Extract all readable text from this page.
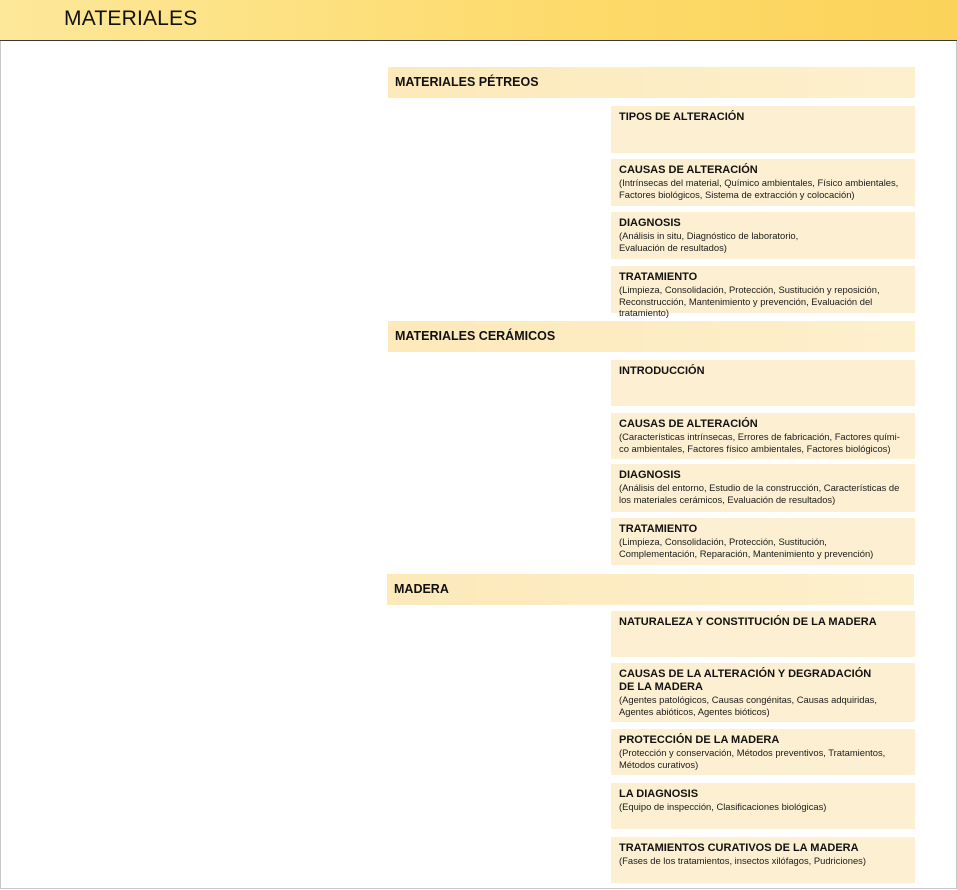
MATERIALES
MATERIALES PÉTREOS
TIPOS DE ALTERACIÓN
CAUSAS DE ALTERACIÓN
(Intrínsecas del material, Químico ambientales, Físico ambientales,
Factores biológicos, Sistema de extracción y colocación)
DIAGNOSIS
(Análisis in situ, Diagnóstico de laboratorio,
Evaluación de resultados)
TRATAMIENTO
(Limpieza, Consolidación, Protección, Sustitución y reposición,
Reconstrucción, Mantenimiento y prevención, Evaluación del tratamiento)
MATERIALES CERÁMICOS
INTRODUCCIÓN
CAUSAS DE ALTERACIÓN
(Características intrínsecas, Errores de fabricación, Factores quími-
co ambientales, Factores físico ambientales, Factores biológicos)
DIAGNOSIS
(Análisis del entorno, Estudio de la construcción, Características de
los materiales cerámicos, Evaluación de resultados)
TRATAMIENTO
(Limpieza, Consolidación, Protección, Sustitución,
Complementación, Reparación, Mantenimiento y prevención)
MADERA
NATURALEZA Y CONSTITUCIÓN DE LA MADERA
CAUSAS DE LA ALTERACIÓN Y DEGRADACIÓN
DE LA MADERA
(Agentes patológicos, Causas congénitas, Causas adquiridas,
Agentes abióticos, Agentes bióticos)
PROTECCIÓN DE LA MADERA
(Protección y conservación, Métodos preventivos, Tratamientos,
Métodos curativos)
LA DIAGNOSIS
(Equipo de inspección, Clasificaciones biológicas)
TRATAMIENTOS CURATIVOS DE LA MADERA
(Fases de los tratamientos, insectos xilófagos, Pudriciones)
